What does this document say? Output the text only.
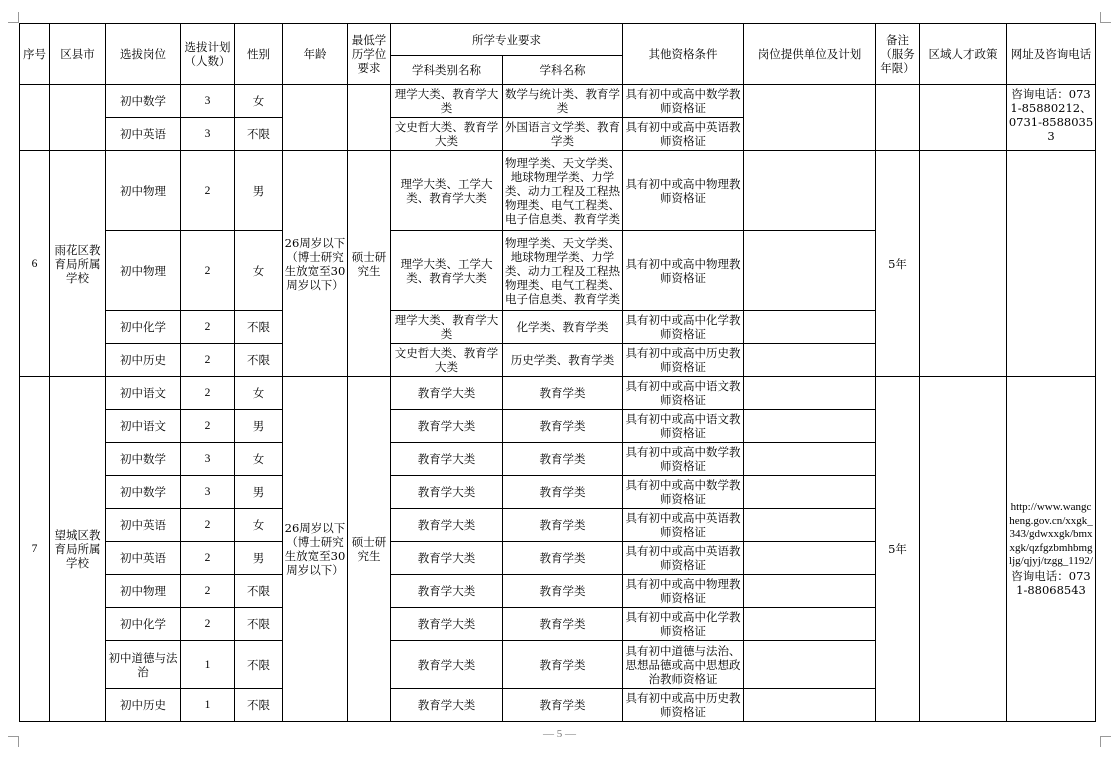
序号	区县市	选拔岗位	选拔计划（人数）	性别	年龄	最低学历学位要求	所学专业要求		其他资格条件	岗位提供单位及计划	备注（服务年限）	区域人才政策	网址及咨询电话
							学科类别名称	学科名称					
		初中数学	3	女			理学大类、教育学大类	数学与统计类、教育学类	具有初中或高中数学教师资格证				咨询电话：0731-85880212、0731-85880353
		初中英语	3	不限			文史哲大类、教育学大类	外国语言文学类、教育学类	具有初中或高中英语教师资格证				
6	雨花区教育局所属学校	初中物理	2	男	26周岁以下（博士研究生放宽至30周岁以下）	硕士研究生	理学大类、工学大类、教育学大类	物理学类、天文学类、地球物理学类、力学类、动力工程及工程热物理类、电气工程类、电子信息类、教育学类	具有初中或高中物理教师资格证		5年		
		初中物理	2	女			理学大类、工学大类、教育学大类	物理学类、天文学类、地球物理学类、力学类、动力工程及工程热物理类、电气工程类、电子信息类、教育学类	具有初中或高中物理教师资格证				
		初中化学	2	不限			理学大类、教育学大类	化学类、教育学类	具有初中或高中化学教师资格证				
		初中历史	2	不限			文史哲大类、教育学大类	历史学类、教育学类	具有初中或高中历史教师资格证				
7	望城区教育局所属学校	初中语文	2	女	26周岁以下（博士研究生放宽至30周岁以下）	硕士研究生	教育学大类	教育学类	具有初中或高中语文教师资格证		5年		http://www.wangcheng.gov.cn/xxgk_343/gdwxxgk/bmxxgk/qzfgzbmhbmgljg/qjyj/tzgg_1192/
咨询电话：0731-88068543

		初中语文	2	男			教育学大类	教育学类	具有初中或高中语文教师资格证				
		初中数学	3	女			教育学大类	教育学类	具有初中或高中数学教师资格证				
		初中数学	3	男			教育学大类	教育学类	具有初中或高中数学教师资格证				
		初中英语	2	女			教育学大类	教育学类	具有初中或高中英语教师资格证				
		初中英语	2	男			教育学大类	教育学类	具有初中或高中英语教师资格证				
		初中物理	2	不限			教育学大类	教育学类	具有初中或高中物理教师资格证				
		初中化学	2	不限			教育学大类	教育学类	具有初中或高中化学教师资格证				
		初中道德与法治	1	不限			教育学大类	教育学类	具有初中道德与法治、思想品德或高中思想政治教师资格证				
		初中历史	1	不限			教育学大类	教育学类	具有初中或高中历史教师资格证				
— 5 —
